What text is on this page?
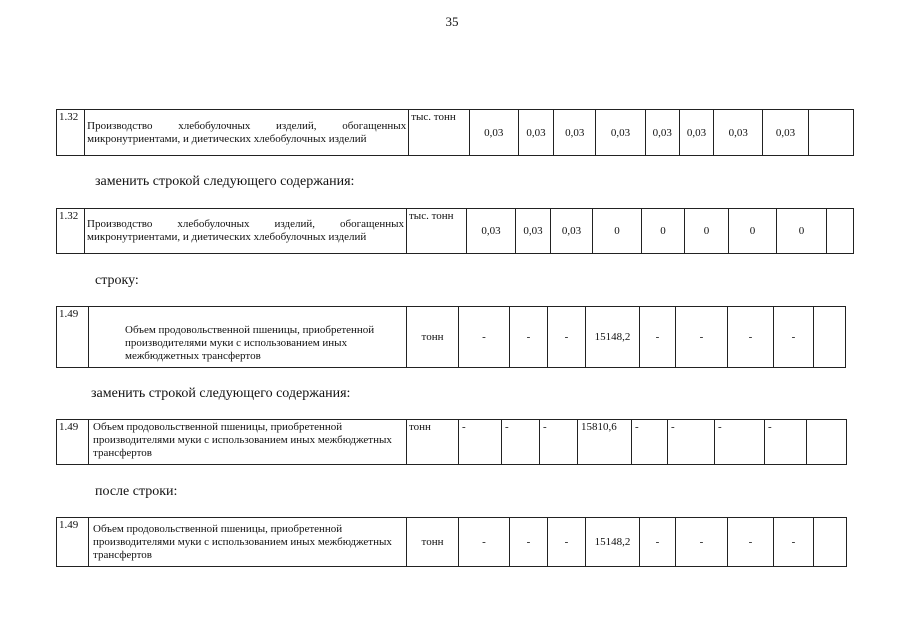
35
1.32	Производство хлебобулочных изделий, обогащенных микронутриентами, и диетических хлебобулочных изделий	тыс. тонн	0,03	0,03	0,03	0,03	0,03	0,03	0,03	0,03	
заменить строкой следующего содержания:
1.32	Производство хлебобулочных изделий, обогащенных микронутриентами, и диетических хлебобулочных изделий	тыс. тонн	0,03	0,03	0,03	0	0	0	0	0	
строку:
1.49	Объем продовольственной пшеницы, приобретенной производителями муки с использованием иных межбюджетных трансфертов	тонн	-	-	-	15148,2	-	-	-	-	
заменить строкой следующего содержания:
1.49	Объем продовольственной пшеницы, приобретенной производителями муки с использованием иных межбюджетных трансфертов	тонн	-	-	-	15810,6	-	-	-	-	
после строки:
1.49	Объем продовольственной пшеницы, приобретенной производителями муки с использованием иных межбюджетных трансфертов	тонн	-	-	-	15148,2	-	-	-	-	
